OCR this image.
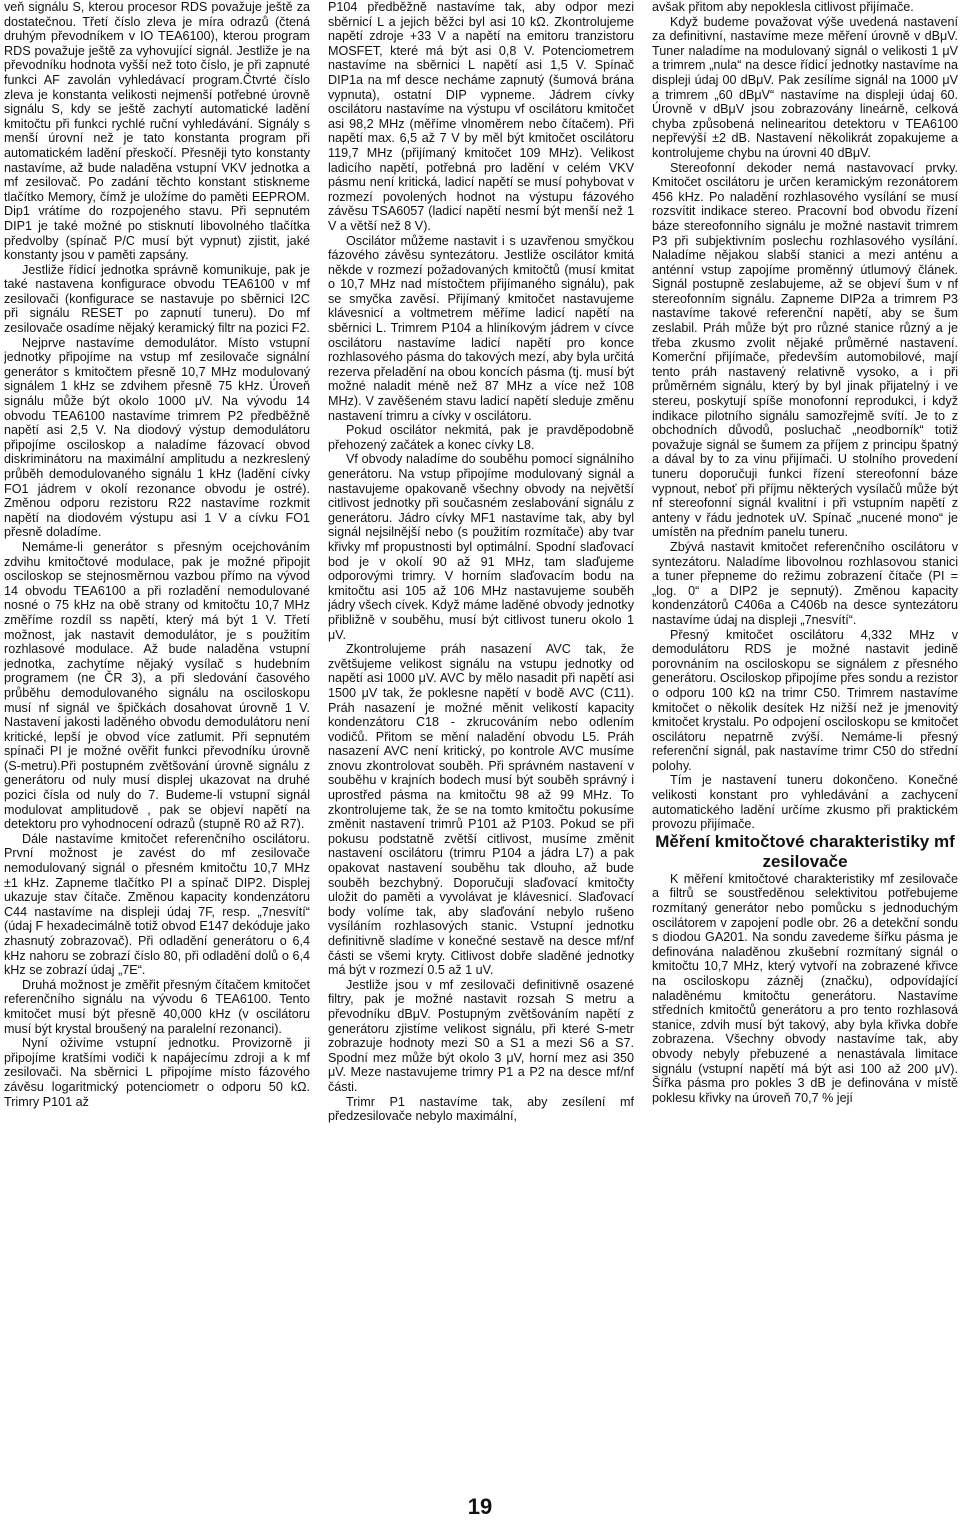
veň signálu S, kterou procesor RDS považuje ještě za dostatečnou. Třetí číslo zleva je míra odrazů (čtená druhým převodníkem v IO TEA6100), kterou program RDS považuje ještě za vyhovující signál. Jestliže je na převodníku hodnota vyšší než toto číslo, je při zapnuté funkci AF zavolán vyhledávací program.Čtvrté číslo zleva je konstanta velikosti nejmenší potřebné úrovně signálu S, kdy se ještě zachytí automatické ladění kmitočtu při funkci rychlé ruční vyhledávání. Signály s menší úrovní než je tato konstanta program při automatickém ladění přeskočí. Přesněji tyto konstanty nastavíme, až bude naladěna vstupní VKV jednotka a mf zesilovač. Po zadání těchto konstant stiskneme tlačítko Memory, čímž je uložíme do paměti EEPROM. Dip1 vrátíme do rozpojeného stavu. Při sepnutém DIP1 je také možné po stisknutí libovolného tlačítka předvolby (spínač P/C musí být vypnut) zjistit, jaké konstanty jsou v paměti zapsány.

Jestliže řídicí jednotka správně komunikuje, pak je také nastavena konfigurace obvodu TEA6100 v mf zesilovači (konfigurace se nastavuje po sběrnici I2C při signálu RESET po zapnutí tuneru). Do mf zesilovače osadíme nějaký keramický filtr na pozici F2.

Nejprve nastavíme demodulátor. Místo vstupní jednotky připojíme na vstup mf zesilovače signální generátor s kmitočtem přesně 10,7 MHz modulovaný signálem 1 kHz se zdvihem přesně 75 kHz. Úroveň signálu může být okolo 1000 μV. Na vývodu 14 obvodu TEA6100 nastavíme trimrem P2 předběžně napětí asi 2,5 V. Na diodový výstup demodulátoru připojíme osciloskop a naladíme fázovací obvod diskriminátoru na maximální amplitudu a nezkreslený průběh demodulovaného signálu 1 kHz (ladění cívky FO1 jádrem v okolí rezonance obvodu je ostré). Změnou odporu rezistoru R22 nastavíme rozkmit napětí na diodovém výstupu asi 1 V a cívku FO1 přesně doladíme.

Nemáme-li generátor s přesným ocejchováním zdvihu kmitočtové modulace, pak je možné připojit osciloskop se stejnosměrnou vazbou přímo na vývod 14 obvodu TEA6100 a při rozladění nemodulované nosné o 75 kHz na obě strany od kmitočtu 10,7 MHz změříme rozdíl ss napětí, který má být 1 V. Třetí možnost, jak nastavit demodulátor, je s použitím rozhlasové modulace. Až bude naladěna vstupní jednotka, zachytíme nějaký vysílač s hudebním programem (ne ČR 3), a při sledování časového průběhu demodulovaného signálu na osciloskopu musí nf signál ve špičkách dosahovat úrovně 1 V. Nastavení jakosti laděného obvodu demodulátoru není kritické, lepší je obvod více zatlumit. Při sepnutém spínači PI je možné ověřit funkci převodníku úrovně (S-metru).Při postupném zvětšování úrovně signálu z generátoru od nuly musí displej ukazovat na druhé pozici čísla od nuly do 7. Budeme-li vstupní signál modulovat amplitudově , pak se objeví napětí na detektoru pro vyhodnocení odrazů (stupně R0 až R7).

Dále nastavíme kmitočet referenčního oscilátoru. První možnost je zavést do mf zesilovače nemodulovaný signál o přesném kmitočtu 10,7 MHz ±1 kHz. Zapneme tlačítko PI a spínač DIP2. Displej ukazuje stav čítače. Změnou kapacity kondenzátoru C44 nastavíme na displeji údaj 7F, resp. „7nesvítí“ (údaj F hexadecimálně totiž obvod E147 dekóduje jako zhasnutý zobrazovač). Při odladění generátoru o 6,4 kHz nahoru se zobrazí číslo 80, při odladění dolů o 6,4 kHz se zobrazí údaj „7E“.

Druhá možnost je změřit přesným čítačem kmitočet referenčního signálu na vývodu 6 TEA6100. Tento kmitočet musí být přesně 40,000 kHz (v oscilátoru musí být krystal broušený na paralelní rezonanci).

Nyní oživíme vstupní jednotku. Provizorně ji připojíme kratšími vodiči k napájecímu zdroji a k mf zesilovači. Na sběrnici L připojíme místo fázového závěsu logaritmický potenciometr o odporu 50 kΩ. Trimry P101 až

P104 předběžně nastavíme tak, aby odpor mezi sběrnicí L a jejich běžci byl asi 10 kΩ. Zkontrolujeme napětí zdroje +33 V a napětí na emitoru tranzistoru MOSFET, které má být asi 0,8 V. Potenciometrem nastavíme na sběrnici L napětí asi 1,5 V. Spínač DIP1a na mf desce necháme zapnutý (šumová brána vypnuta), ostatní DIP vypneme. Jádrem cívky oscilátoru nastavíme na výstupu vf oscilátoru kmitočet asi 98,2 MHz (měříme vlnoměrem nebo čítačem). Při napětí max. 6,5 až 7 V by měl být kmitočet oscilátoru 119,7 MHz (přijímaný kmitočet 109 MHz). Velikost ladicího napětí, potřebná pro ladění v celém VKV pásmu není kritická, ladicí napětí se musí pohybovat v rozmezí povolených hodnot na výstupu fázového závěsu TSA6057 (ladicí napětí nesmí být menší než 1 V a větší než 8 V).

Oscilátor můžeme nastavit i s uzavřenou smyčkou fázového závěsu syntezátoru. Jestliže oscilátor kmitá někde v rozmezí požadovaných kmitočtů (musí kmitat o 10,7 MHz nad místočtem přijímaného signálu), pak se smyčka zavěsí. Přijímaný kmitočet nastavujeme klávesnicí a voltmetrem měříme ladicí napětí na sběrnici L. Trimrem P104 a hliníkovým jádrem v cívce oscilátoru nastavíme ladicí napětí pro konce rozhlasového pásma do takových mezí, aby byla určitá rezerva přeladění na obou koncích pásma (tj. musí být možné naladit méně než 87 MHz a více než 108 MHz). V zavěšeném stavu ladicí napětí sleduje změnu nastavení trimru a cívky v oscilátoru.

Pokud oscilátor nekmitá, pak je pravděpodobně přehozený začátek a konec cívky L8.

Vf obvody naladíme do souběhu pomocí signálního generátoru. Na vstup připojíme modulovaný signál a nastavujeme opakovaně všechny obvody na největší citlivost jednotky při současném zeslabování signálu z generátoru. Jádro cívky MF1 nastavíme tak, aby byl signál nejsilnější nebo (s použitím rozmítače) aby tvar křivky mf propustnosti byl optimální. Spodní slaďovací bod je v okolí 90 až 91 MHz, tam slaďujeme odporovými trimry. V horním slaďovacím bodu na kmitočtu asi 105 až 106 MHz nastavujeme souběh jádry všech cívek. Když máme laděné obvody jednotky přibližně v souběhu, musí být citlivost tuneru okolo 1 μV.

Zkontrolujeme práh nasazení AVC tak, že zvětšujeme velikost signálu na vstupu jednotky od napětí asi 1000 μV. AVC by mělo nasadit při napětí asi 1500 μV tak, že poklesne napětí v bodě AVC (C11). Práh nasazení je možné měnit velikostí kapacity kondenzátoru C18 - zkrucováním nebo odlením vodičů. Přitom se mění naladění obvodu L5. Práh nasazení AVC není kritický, po kontrole AVC musíme znovu zkontrolovat souběh. Při správném nastavení v souběhu v krajních bodech musí být souběh správný i uprostřed pásma na kmitočtu 98 až 99 MHz. To zkontrolujeme tak, že se na tomto kmitočtu pokusíme změnit nastavení trimrů P101 až P103. Pokud se při pokusu podstatně zvětší citlivost, musíme změnit nastavení oscilátoru (trimru P104 a jádra L7) a pak opakovat nastavení souběhu tak dlouho, až bude souběh bezchybný. Doporučuji slaďovací kmitočty uložit do paměti a vyvolávat je klávesnicí. Slaďovací body volíme tak, aby slaďování nebylo rušeno vysíláním rozhlasových stanic. Vstupní jednotku definitivně sladíme v konečné sestavě na desce mf/nf části se všemi kryty. Citlivost dobře sladěné jednotky má být v rozmezí 0.5 až 1 uV.

Jestliže jsou v mf zesilovači definitivně osazené filtry, pak je možné nastavit rozsah S metru a převodníku dBμV. Postupným zvětšováním napětí z generátoru zjistíme velikost signálu, při které S-metr zobrazuje hodnoty mezi S0 a S1 a mezi S6 a S7. Spodní mez může být okolo 3 μV, horní mez asi 350 μV. Meze nastavujeme trimry P1 a P2 na desce mf/nf části.

Trimr P1 nastavíme tak, aby zesílení mf předzesilovače nebylo maximální,

avšak přitom aby nepoklesla citlivost přijímače.

Když budeme považovat výše uvedená nastavení za definitivní, nastavíme meze měření úrovně v dBμV. Tuner naladíme na modulovaný signál o velikosti 1 μV a trimrem „nula“ na desce řídicí jednotky nastavíme na displeji údaj 00 dBμV. Pak zesílíme signál na 1000 μV a trimrem „60 dBμV“ nastavíme na displeji údaj 60. Úrovně v dBμV jsou zobrazovány lineárně, celková chyba způsobená nelinearitou detektoru v TEA6100 nepřevýší ±2 dB. Nastavení několikrát zopakujeme a kontrolujeme chybu na úrovni 40 dBμV.

Stereofonní dekoder nemá nastavovací prvky. Kmitočet oscilátoru je určen keramickým rezonátorem 456 kHz. Po naladění rozhlasového vysílání se musí rozsvítit indikace stereo. Pracovní bod obvodu řízení báze stereofonního signálu je možné nastavit trimrem P3 při subjektivním poslechu rozhlasového vysílání. Naladíme nějakou slabší stanici a mezi anténu a anténní vstup zapojíme proměnný útlumový článek. Signál postupně zeslabujeme, až se objeví šum v nf stereofonním signálu. Zapneme DIP2a a trimrem P3 nastavíme takové referenční napětí, aby se šum zeslabil. Práh může být pro různé stanice různý a je třeba zkusmo zvolit nějaké průměrné nastavení. Komerční přijímače, především automobilové, mají tento práh nastavený relativně vysoko, a i při průměrném signálu, který by byl jinak přijatelný i ve stereu, poskytují spíše monofonní reprodukci, i když indikace pilotního signálu samozřejmě svítí. Je to z obchodních důvodů, posluchač „neodborník“ totiž považuje signál se šumem za příjem z principu špatný a dával by to za vinu přijímači. U stolního provedení tuneru doporučuji funkci řízení stereofonní báze vypnout, neboť při příjmu některých vysílačů může být nf stereofonní signál kvalitní i při vstupním napětí z anteny v řádu jednotek uV. Spínač „nucené mono“ je umístěn na předním panelu tuneru.

Zbývá nastavit kmitočet referenčního oscilátoru v syntezátoru. Naladíme libovolnou rozhlasovou stanici a tuner přepneme do režimu zobrazení čítače (PI = „log. 0“ a DIP2 je sepnutý). Změnou kapacity kondenzátorů C406a a C406b na desce syntezátoru nastavíme údaj na displeji „7nesvítí“.

Přesný kmitočet oscilátoru 4,332 MHz v demodulátoru RDS je možné nastavit jedině porovnáním na osciloskopu se signálem z přesného generátoru. Osciloskop připojíme přes sondu a rezistor o odporu 100 kΩ na trimr C50. Trimrem nastavíme kmitočet o několik desítek Hz nižší než je jmenovitý kmitočet krystalu. Po odpojení osciloskopu se kmitočet oscilátoru nepatrně zvýší. Nemáme-li přesný referenční signál, pak nastavíme trimr C50 do střední polohy.

Tím je nastavení tuneru dokončeno. Konečné velikosti konstant pro vyhledávání a zachycení automatického ladění určíme zkusmo při praktickém provozu přijímače.

Měření kmitočtové charakteristiky mf zesilovače

K měření kmitočtové charakteristiky mf zesilovače a filtrů se soustředěnou selektivitou potřebujeme rozmítaný generátor nebo pomůcku s jednoduchým oscilátorem v zapojení podle obr. 26 a detekční sondu s diodou GA201. Na sondu zavedeme šířku pásma je definována naladěnou zkušební rozmítaný signál o kmitočtu 10,7 MHz, který vytvoří na zobrazené křivce na osciloskopu zázněj (značku), odpovídající naladěnému kmitočtu generátoru. Nastavíme středních kmitočtů generátoru a pro tento rozhlasová stanice, zdvih musí být takový, aby byla křivka dobře zobrazena. Všechny obvody nastavíme tak, aby obvody nebyly přebuzené a nenastávala limitace signálu (vstupní napětí má být asi 100 až 200 μV). Šířka pásma pro pokles 3 dB je definována v místě poklesu křivky na úroveň 70,7 % její

19
